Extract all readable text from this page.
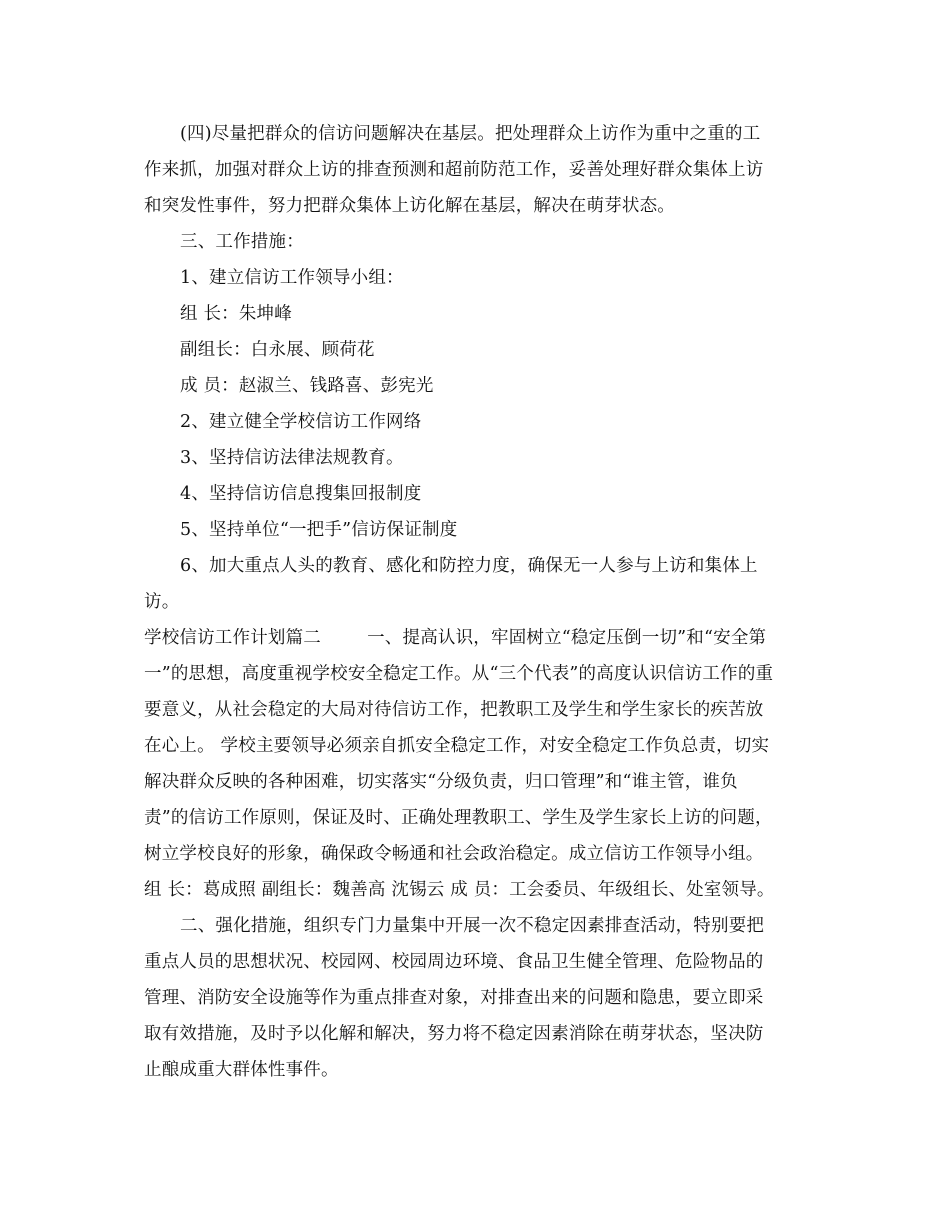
(四)尽量把群众的信访问题解决在基层。把处理群众上访作为重中之重的工
作来抓，加强对群众上访的排查预测和超前防范工作，妥善处理好群众集体上访
和突发性事件，努力把群众集体上访化解在基层，解决在萌芽状态。
三、工作措施：
1、建立信访工作领导小组：
组 长：朱坤峰
副组长：白永展、顾荷花
成 员：赵淑兰、钱路喜、彭宪光
2、建立健全学校信访工作网络
3、坚持信访法律法规教育。
4、坚持信访信息搜集回报制度
5、坚持单位“一把手”信访保证制度
6、加大重点人头的教育、感化和防控力度，确保无一人参与上访和集体上
访。
学校信访工作计划篇二        一、提高认识，牢固树立“稳定压倒一切”和“安全第
一”的思想，高度重视学校安全稳定工作。从“三个代表”的高度认识信访工作的重
要意义，从社会稳定的大局对待信访工作，把教职工及学生和学生家长的疾苦放
在心上。 学校主要领导必须亲自抓安全稳定工作，对安全稳定工作负总责，切实
解决群众反映的各种困难，切实落实“分级负责，归口管理”和“谁主管，谁负
责”的信访工作原则，保证及时、正确处理教职工、学生及学生家长上访的问题，
树立学校良好的形象，确保政令畅通和社会政治稳定。成立信访工作领导小组。
组 长：葛成照 副组长：魏善高 沈锡云 成 员：工会委员、年级组长、处室领导。
二、强化措施，组织专门力量集中开展一次不稳定因素排查活动，特别要把
重点人员的思想状况、校园网、校园周边环境、食品卫生健全管理、危险物品的
管理、消防安全设施等作为重点排查对象，对排查出来的问题和隐患，要立即采
取有效措施，及时予以化解和解决，努力将不稳定因素消除在萌芽状态，坚决防
止酿成重大群体性事件。
